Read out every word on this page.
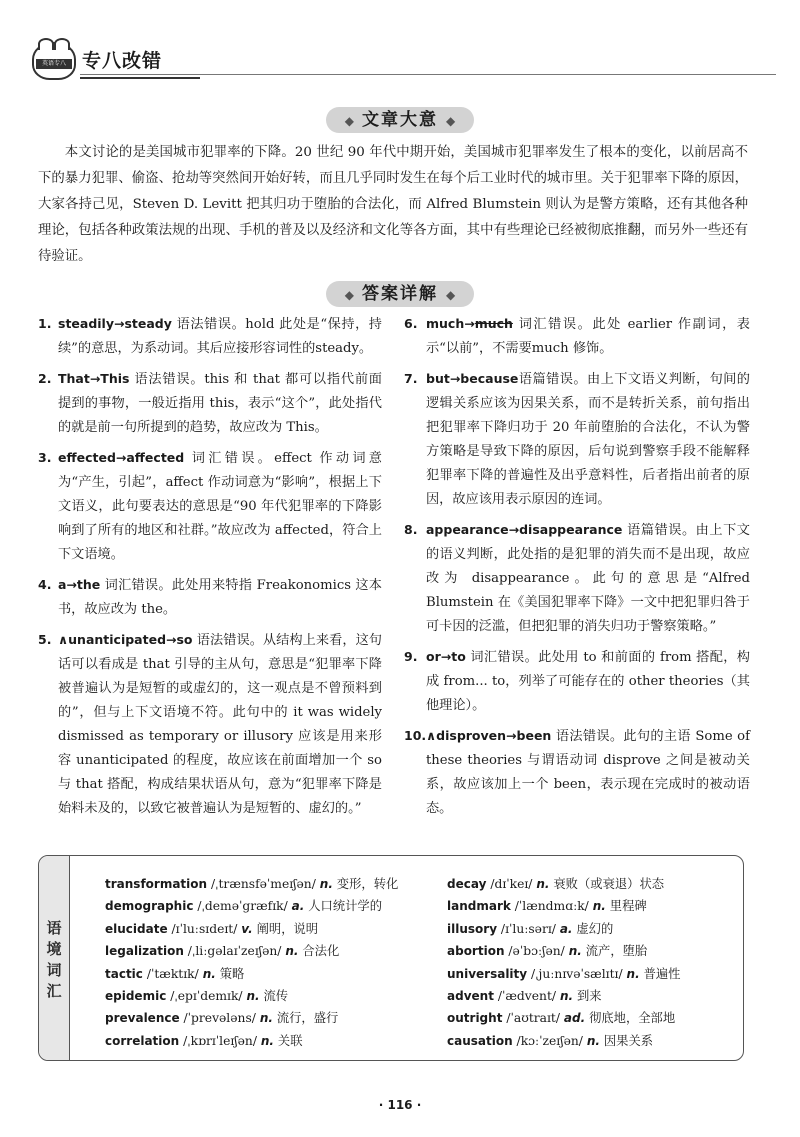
英语专八 专八改错
◆ 文章大意 ◆

本文讨论的是美国城市犯罪率的下降。20 世纪 90 年代中期开始，美国城市犯罪率发生了根本的变化，以前居高不下的暴力犯罪、偷盗、抢劫等突然间开始好转，而且几乎同时发生在每个后工业时代的城市里。关于犯罪率下降的原因，大家各持己见，Steven D. Levitt 把其归功于堕胎的合法化，而 Alfred Blumstein 则认为是警方策略，还有其他各种理论，包括各种政策法规的出现、手机的普及以及经济和文化等各方面，其中有些理论已经被彻底推翻，而另外一些还有待验证。

◆ 答案详解 ◆
1. steadily→steady 语法错误。hold 此处是“保持，持续”的意思，为系动词。其后应接形容词性的steady。
2. That→This 语法错误。this 和 that 都可以指代前面提到的事物，一般近指用 this，表示“这个”，此处指代的就是前一句所提到的趋势，故应改为 This。
3. effected→affected 词汇错误。effect 作动词意为“产生，引起”，affect 作动词意为“影响”，根据上下文语义，此句要表达的意思是“90 年代犯罪率的下降影响到了所有的地区和社群。”故应改为 affected，符合上下文语境。
4. a→the 词汇错误。此处用来特指 Freakonomics 这本书，故应改为 the。
5. ∧unanticipated→so 语法错误。从结构上来看，这句话可以看成是 that 引导的主从句，意思是“犯罪率下降被普遍认为是短暂的或虚幻的，这一观点是不曾预料到的”，但与上下文语境不符。此句中的 it was widely dismissed as temporary or illusory 应该是用来形容 unanticipated 的程度，故应该在前面增加一个 so 与 that 搭配，构成结果状语从句，意为“犯罪率下降是始料未及的，以致它被普遍认为是短暂的、虚幻的。”
6. much→much 词汇错误。此处 earlier 作副词，表示“以前”，不需要much 修饰。
7. but→because语篇错误。由上下文语义判断，句间的逻辑关系应该为因果关系，而不是转折关系，前句指出把犯罪率下降归功于 20 年前堕胎的合法化，不认为警方策略是导致下降的原因，后句说到警察手段不能解释犯罪率下降的普遍性及出乎意料性，后者指出前者的原因，故应该用表示原因的连词。
8. appearance→disappearance 语篇错误。由上下文的语义判断，此处指的是犯罪的消失而不是出现，故应改为 disappearance。此句的意思是“Alfred Blumstein 在《美国犯罪率下降》一文中把犯罪归咎于可卡因的泛滥，但把犯罪的消失归功于警察策略。”
9. or→to 词汇错误。此处用 to 和前面的 from 搭配，构成 from... to，列举了可能存在的 other theories（其他理论）。
10. ∧disproven→been 语法错误。此句的主语 Some of these theories 与谓语动词 disprove 之间是被动关系，故应该加上一个 been，表示现在完成时的被动语态。
语
境
词
汇
transformation /ˌtrænsfəˈmeɪʃən/ n. 变形，转化
demographic /ˌdeməˈgræfɪk/ a. 人口统计学的
elucidate /ɪˈluːsɪdeɪt/ v. 阐明，说明
legalization /ˌliːgəlaɪˈzeɪʃən/ n. 合法化
tactic /ˈtæktɪk/ n. 策略
epidemic /ˌepɪˈdemɪk/ n. 流传
prevalence /ˈprevələns/ n. 流行，盛行
correlation /ˌkɒrɪˈleɪʃən/ n. 关联
decay /dɪˈkeɪ/ n. 衰败（或衰退）状态
landmark /ˈlændmɑːk/ n. 里程碑
illusory /ɪˈluːsərɪ/ a. 虚幻的
abortion /əˈbɔːʃən/ n. 流产，堕胎
universality /ˌjuːnɪvəˈsælɪtɪ/ n. 普遍性
advent /ˈædvent/ n. 到来
outright /ˈaʊtraɪt/ ad. 彻底地，全部地
causation /kɔːˈzeɪʃən/ n. 因果关系
· 116 ·
